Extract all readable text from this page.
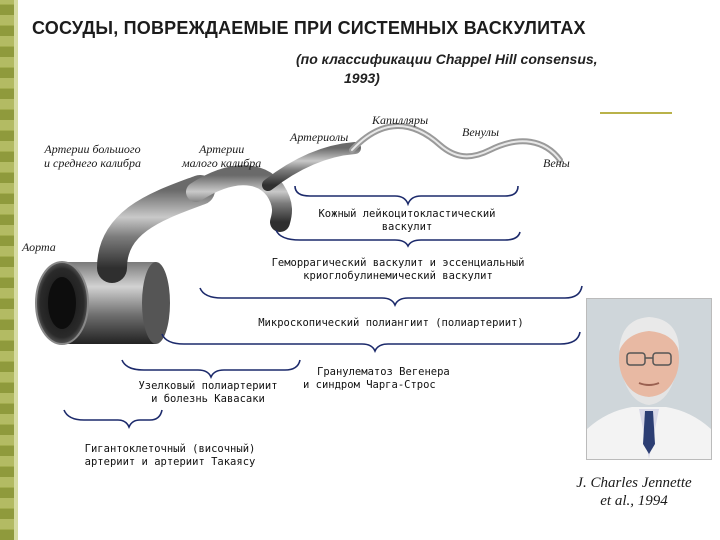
СОСУДЫ, ПОВРЕЖДАЕМЫЕ ПРИ СИСТЕМНЫХ ВАСКУЛИТАХ
(по классификации Chappel Hill consensus,
1993)
Артерии большого
и среднего калибра
Артерии
малого калибра
Артериолы
Капилляры
Венулы
Вены
Аорта
Кожный лейкоцитокластический
васкулит
Геморрагический васкулит и эссенциальный
криоглобулинемический васкулит
Микроскопический полиангиит (полиартериит)
Гранулематоз Вегенера
и синдром Чарга-Строс
Узелковый полиартериит
и болезнь Кавасаки
Гигантоклеточный (височный)
артериит и артериит Такаясу
J. Charles Jennette
et al., 1994
